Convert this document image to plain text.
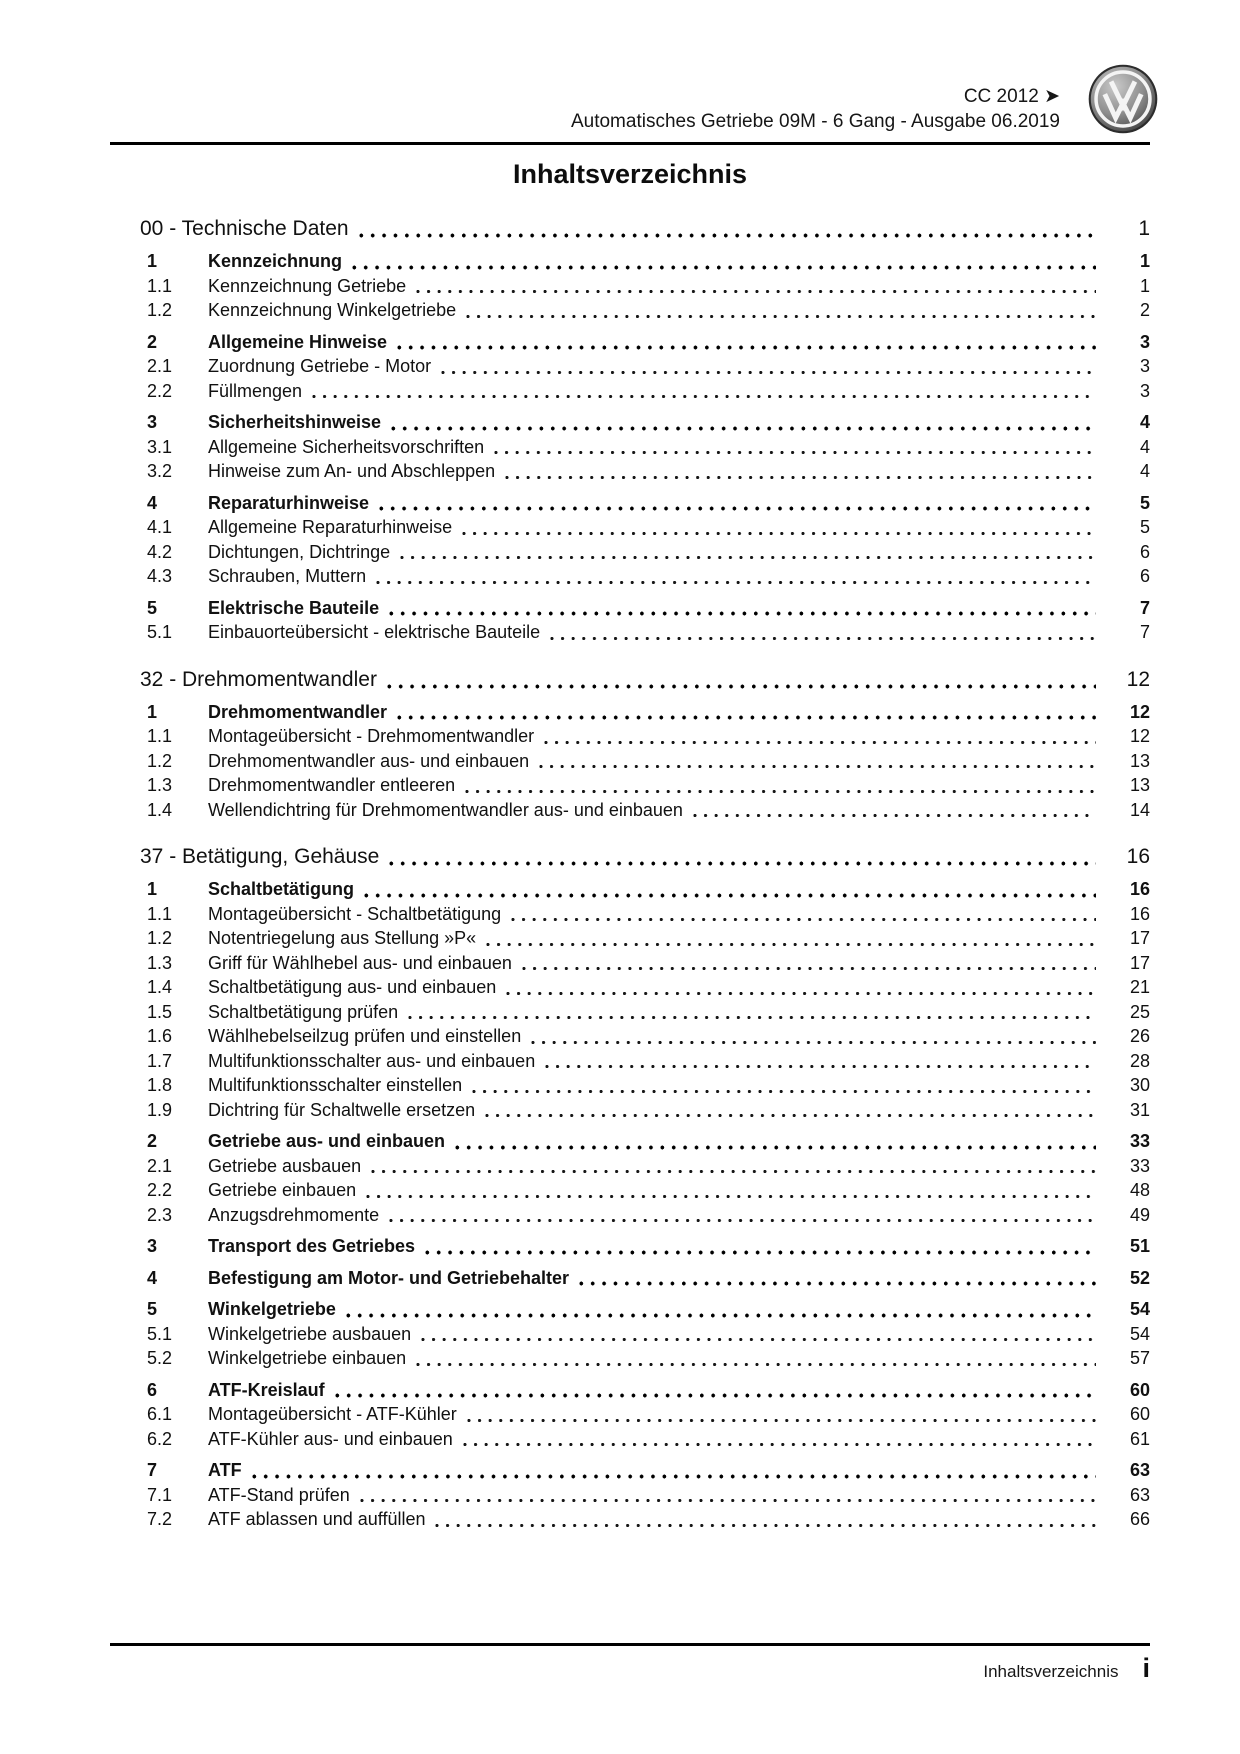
CC 2012 ➤
Automatisches Getriebe 09M - 6 Gang - Ausgabe 06.2019
Inhaltsverzeichnis
00 - Technische Daten	1
1	Kennzeichnung	1
1.1	Kennzeichnung Getriebe	1
1.2	Kennzeichnung Winkelgetriebe	2
2	Allgemeine Hinweise	3
2.1	Zuordnung Getriebe - Motor	3
2.2	Füllmengen	3
3	Sicherheitshinweise	4
3.1	Allgemeine Sicherheitsvorschriften	4
3.2	Hinweise zum An- und Abschleppen	4
4	Reparaturhinweise	5
4.1	Allgemeine Reparaturhinweise	5
4.2	Dichtungen, Dichtringe	6
4.3	Schrauben, Muttern	6
5	Elektrische Bauteile	7
5.1	Einbauorteübersicht - elektrische Bauteile	7
32 - Drehmomentwandler	12
1	Drehmomentwandler	12
1.1	Montageübersicht - Drehmomentwandler	12
1.2	Drehmomentwandler aus- und einbauen	13
1.3	Drehmomentwandler entleeren	13
1.4	Wellendichtring für Drehmomentwandler aus- und einbauen	14
37 - Betätigung, Gehäuse	16
1	Schaltbetätigung	16
1.1	Montageübersicht - Schaltbetätigung	16
1.2	Notentriegelung aus Stellung »P«	17
1.3	Griff für Wählhebel aus- und einbauen	17
1.4	Schaltbetätigung aus- und einbauen	21
1.5	Schaltbetätigung prüfen	25
1.6	Wählhebelseilzug prüfen und einstellen	26
1.7	Multifunktionsschalter aus- und einbauen	28
1.8	Multifunktionsschalter einstellen	30
1.9	Dichtring für Schaltwelle ersetzen	31
2	Getriebe aus- und einbauen	33
2.1	Getriebe ausbauen	33
2.2	Getriebe einbauen	48
2.3	Anzugsdrehmomente	49
3	Transport des Getriebes	51
4	Befestigung am Motor- und Getriebehalter	52
5	Winkelgetriebe	54
5.1	Winkelgetriebe ausbauen	54
5.2	Winkelgetriebe einbauen	57
6	ATF-Kreislauf	60
6.1	Montageübersicht - ATF-Kühler	60
6.2	ATF-Kühler aus- und einbauen	61
7	ATF	63
7.1	ATF-Stand prüfen	63
7.2	ATF ablassen und auffüllen	66
Inhaltsverzeichnis i
